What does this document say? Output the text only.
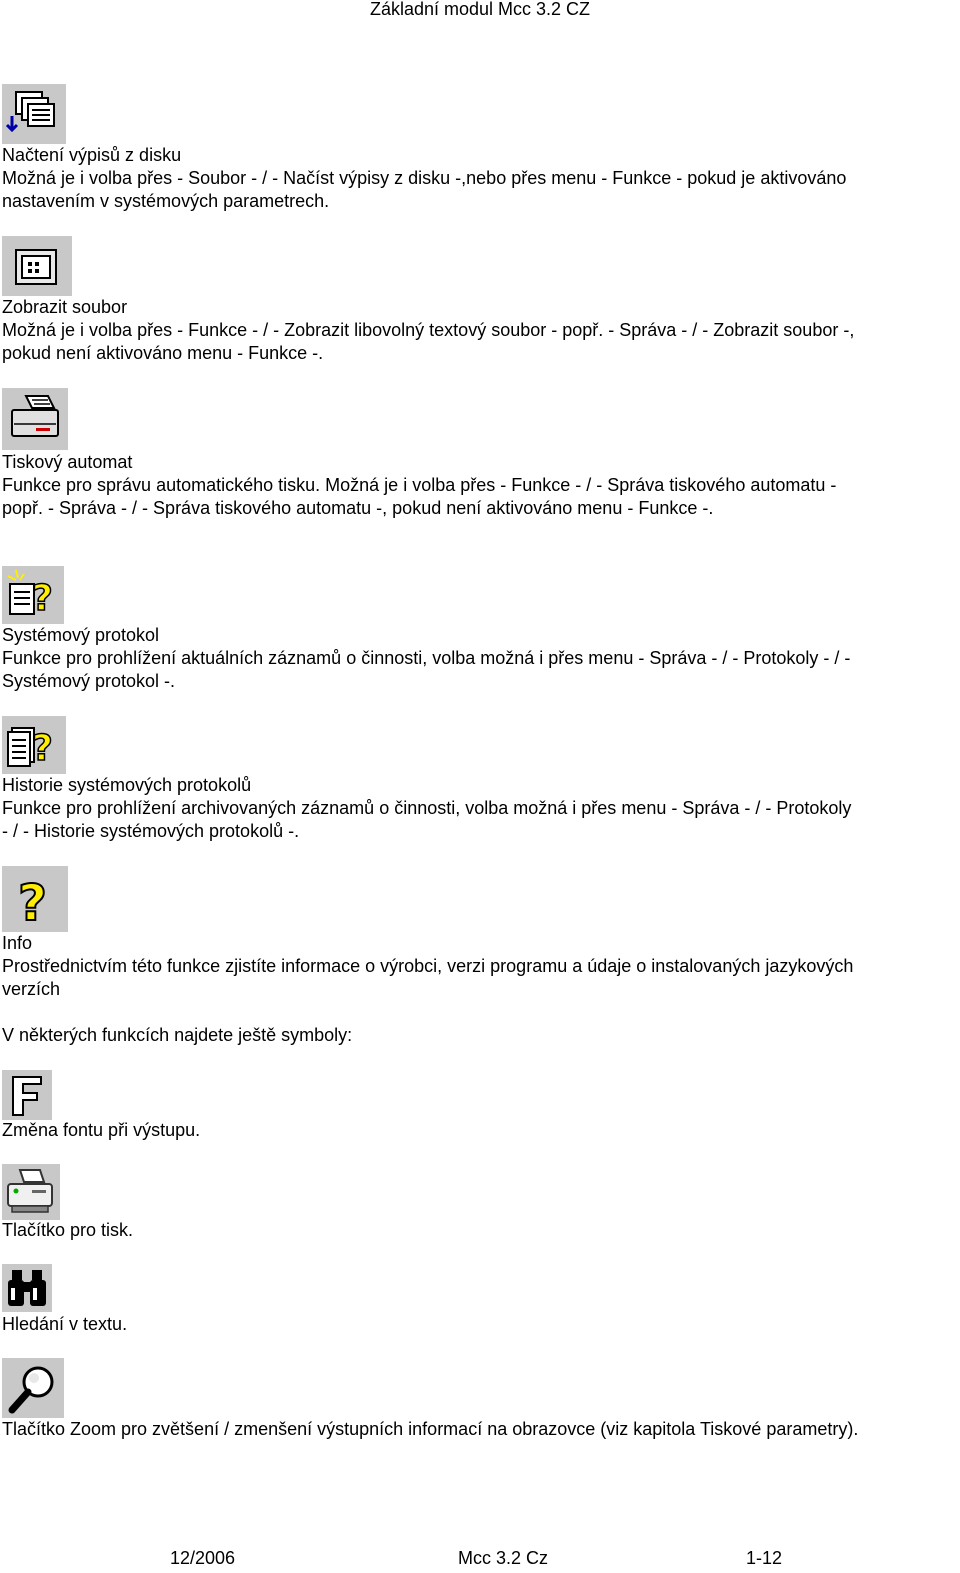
Základní modul Mcc 3.2 CZ
Načtení výpisů z disku
Možná je i volba přes - Soubor - / - Načíst výpisy z disku -,nebo přes menu - Funkce - pokud je aktivováno
nastavením v systémových parametrech.
Zobrazit soubor
Možná je i volba přes - Funkce - / - Zobrazit libovolný textový soubor - popř. - Správa - / - Zobrazit soubor -,
pokud není aktivováno menu - Funkce -.
Tiskový automat
Funkce pro správu automatického tisku. Možná je i volba přes - Funkce - / - Správa tiskového automatu -
popř. - Správa - / - Správa tiskového automatu -, pokud není aktivováno menu - Funkce -.
?
Systémový protokol
Funkce pro prohlížení aktuálních záznamů o činnosti, volba možná i přes menu - Správa - / - Protokoly - / -
Systémový protokol -.
?
Historie systémových protokolů
Funkce pro prohlížení archivovaných záznamů o činnosti, volba možná i přes menu - Správa - / - Protokoly
- / - Historie systémových protokolů -.
?
Info
Prostřednictvím této funkce zjistíte informace o výrobci, verzi programu a údaje o instalovaných jazykových
verzích
V některých funkcích najdete ještě symboly:
Změna fontu při výstupu.
Tlačítko pro tisk.
Hledání v textu.
Tlačítko Zoom pro zvětšení / zmenšení výstupních informací na obrazovce (viz kapitola Tiskové parametry).
12/2006	Mcc 3.2 Cz	1-12
